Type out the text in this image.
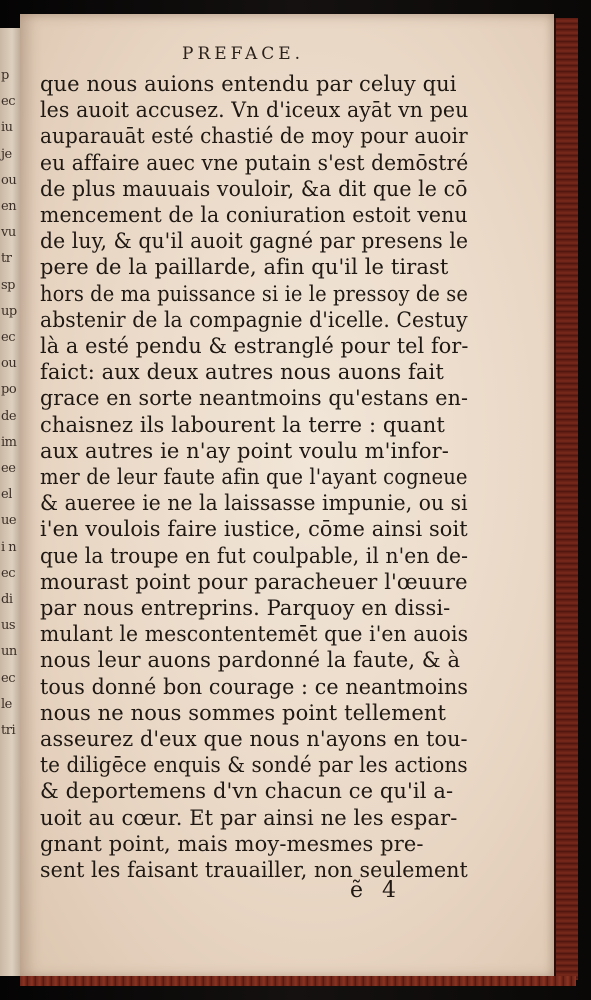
p
ec
iu
je
ou
en
vu
tr
sp
up
ec
ou
po
de
im
ee
el
ue
i n
ec
di
us
un
ec
le
tri
PREFACE.
que nous auions entendu par celuy qui
les auoit accusez. Vn d'iceux ayāt vn peu
auparauāt esté chastié de moy pour auoir
eu affaire auec vne putain s'est demōstré
de plus mauuais vouloir, &a dit que le cō
mencement de la coniuration estoit venu
de luy, & qu'il auoit gagné par presens le
pere de la paillarde, afin qu'il le tirast
hors de ma puissance si ie le pressoy de se
abstenir de la compagnie d'icelle. Cestuy
là a esté pendu & estranglé pour tel for-
faict: aux deux autres nous auons fait
grace en sorte neantmoins qu'estans en-
chaisnez ils labourent la terre : quant
aux autres ie n'ay point voulu m'infor-
mer de leur faute afin que l'ayant cogneue
& aueree ie ne la laissasse impunie, ou si
i'en voulois faire iustice, cōme ainsi soit
que la troupe en fut coulpable, il n'en de-
mourast point pour paracheuer l'œuure
par nous entreprins. Parquoy en dissi-
mulant le mescontentemēt que i'en auois
nous leur auons pardonné la faute, & à
tous donné bon courage : ce neantmoins
nous ne nous sommes point tellement
asseurez d'eux que nous n'ayons en tou-
te diligēce enquis & sondé par les actions
& deportemens d'vn chacun ce qu'il a-
uoit au cœur. Et par ainsi ne les espar-
gnant point, mais moy-mesmes pre-
sent les faisant trauailler, non seulement
ẽ 4
